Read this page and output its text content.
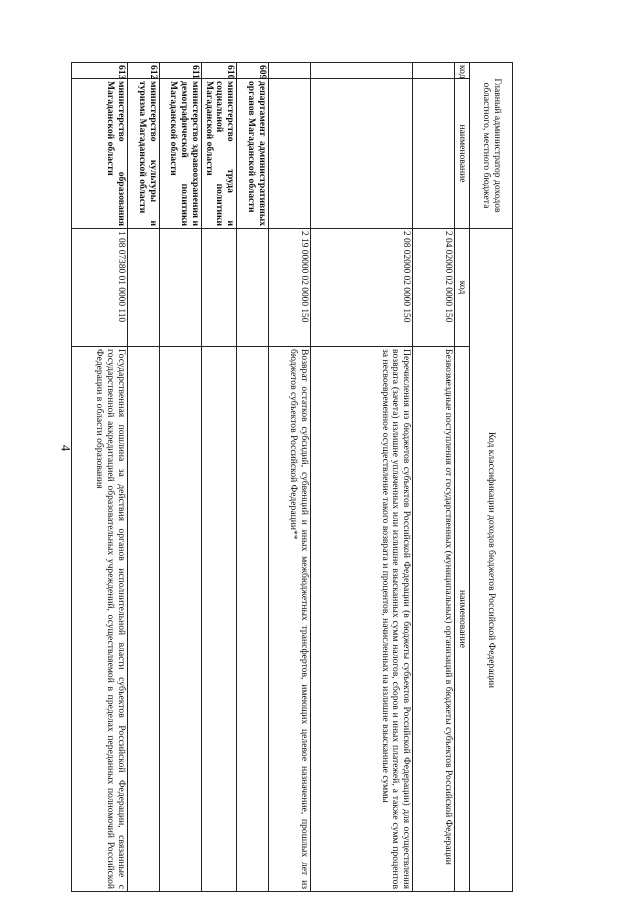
4
Главный администратор доходов областного, местного бюджета		Код классификации доходов бюджетов Российской Федерации	
код	наименование	код	наименование
		2 04 02000 02 0000 150	Безвозмездные поступления от государственных (муниципальных) организаций в бюджеты субъектов Российской Федерации
		2 08 02000 02 0000 150	Перечисления из бюджетов субъектов Российской Федерации (в бюджеты субъектов Российской Федерации) для осуществления возврата (зачета) излишне уплаченных или излишне взысканных сумм налогов, сборов и иных платежей, а также сумм процентов за несвоевременное осуществление такого возврата и процентов, начисленных на излишне взысканные суммы
		2 19 00000 02 0000 150	Возврат остатков субсидий, субвенций и иных межбюджетных трансфертов, имеющих целевое назначение, прошлых лет из бюджетов субъектов Российской Федерации**
609	департамент административных органов Магаданской области		
610	министерство труда и социальной политики Магаданской области		
611	министерство здравоохранения и демографической политики Магаданской области		
612	министерство культуры и туризма Магаданской области		
613	министерство образования Магаданской области	1 08 07380 01 0000 110	Государственная пошлина за действия органов исполнительной власти субъектов Российской Федерации, связанные с государственной аккредитацией образовательных учреждений, осуществляемой в пределах переданных полномочий Российской Федерации в области образования
